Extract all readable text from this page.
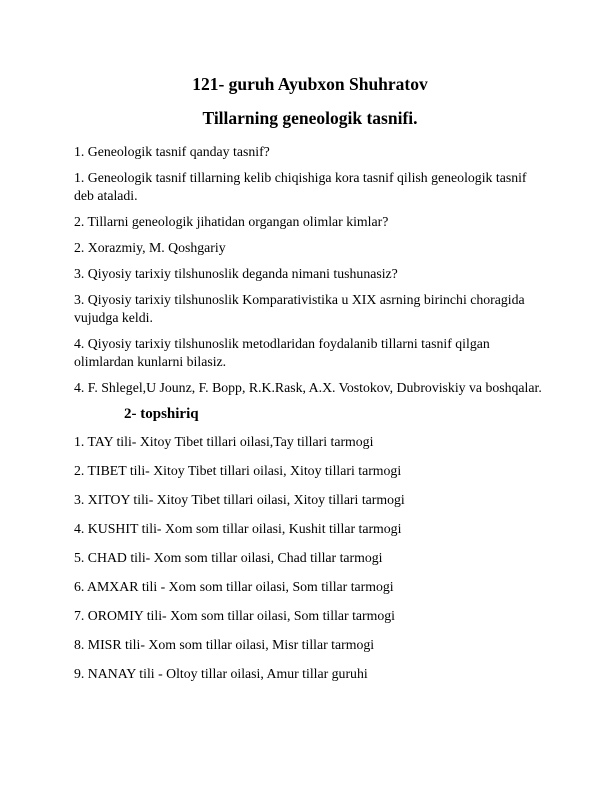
121- guruh Ayubxon Shuhratov
Tillarning geneologik tasnifi.

1. Geneologik tasnif qanday tasnif?

1. Geneologik tasnif tillarning kelib chiqishiga kora tasnif qilish geneologik tasnif deb ataladi.

2. Tillarni geneologik jihatidan organgan olimlar kimlar?

2. Xorazmiy, M. Qoshgariy

3. Qiyosiy tarixiy tilshunoslik deganda nimani tushunasiz?

3. Qiyosiy tarixiy tilshunoslik Komparativistika u XIX asrning birinchi choragida vujudga keldi.

4. Qiyosiy tarixiy tilshunoslik metodlaridan foydalanib tillarni tasnif qilgan olimlardan kunlarni bilasiz.

4. F. Shlegel,U Jounz, F. Bopp, R.K.Rask, A.X. Vostokov, Dubroviskiy va boshqalar.

2- topshiriq

1. TAY tili- Xitoy Tibet tillari oilasi,Tay tillari tarmogi

2. TIBET tili- Xitoy Tibet tillari oilasi, Xitoy tillari tarmogi

3. XITOY tili- Xitoy Tibet tillari oilasi, Xitoy tillari tarmogi

4. KUSHIT tili- Xom som tillar oilasi, Kushit tillar tarmogi

5. CHAD tili- Xom som tillar oilasi, Chad tillar tarmogi

6. AMXAR tili - Xom som tillar oilasi, Som tillar tarmogi

7. OROMIY tili- Xom som tillar oilasi, Som tillar tarmogi

8. MISR tili- Xom som tillar oilasi, Misr tillar tarmogi

9. NANAY tili - Oltoy tillar oilasi, Amur tillar guruhi
